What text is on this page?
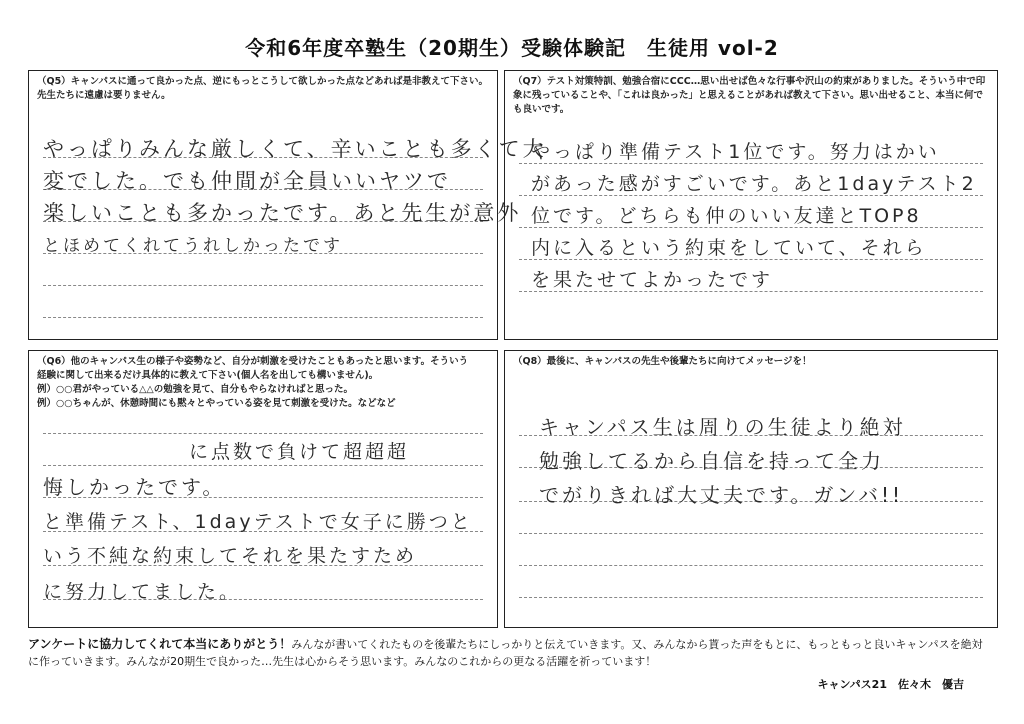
令和6年度卒塾生（20期生）受験体験記　生徒用 vol-2
（Q5）キャンパスに通って良かった点、逆にもっとこうして欲しかった点などあれば是非教えて下さい。先生たちに遠慮は要りません。
やっぱりみんな厳しくて、辛いことも多くて大
変でした。でも仲間が全員いいヤツで
楽しいことも多かったです。あと先生が意外
とほめてくれてうれしかったです
（Q7）テスト対策特訓、勉強合宿にCCC…思い出せば色々な行事や沢山の約束がありました。そういう中で印象に残っていることや、「これは良かった」と思えることがあれば教えて下さい。思い出せること、本当に何でも良いです。
やっぱり準備テスト1位です。努力はかい
があった感がすごいです。あと1dayテスト2
位です。どちらも仲のいい友達とTOP8
内に入るという約束をしていて、それら
を果たせてよかったです
（Q6）他のキャンパス生の様子や姿勢など、自分が刺激を受けたこともあったと思います。そういう
経験に関して出来るだけ具体的に教えて下さい(個人名を出しても構いません)。
例）○○君がやっている△△の勉強を見て、自分もやらなければと思った。
例）○○ちゃんが、休憩時間にも黙々とやっている姿を見て刺激を受けた。などなど
に点数で負けて超超超
悔しかったです。
と準備テスト、1dayテストで女子に勝つと
いう不純な約束してそれを果たすため
に努力してました。
（Q8）最後に、キャンパスの先生や後輩たちに向けてメッセージを！
キャンパス生は周りの生徒より絶対
勉強してるから自信を持って全力
でがりきれば大丈夫です。ガンバ!!
アンケートに協力してくれて本当にありがとう！みんなが書いてくれたものを後輩たちにしっかりと伝えていきます。又、みんなから貰った声をもとに、もっともっと良いキャンパスを絶対に作っていきます。みんなが20期生で良かった…先生は心からそう思います。みんなのこれからの更なる活躍を祈っています！
キャンパス21　佐々木　優吉
